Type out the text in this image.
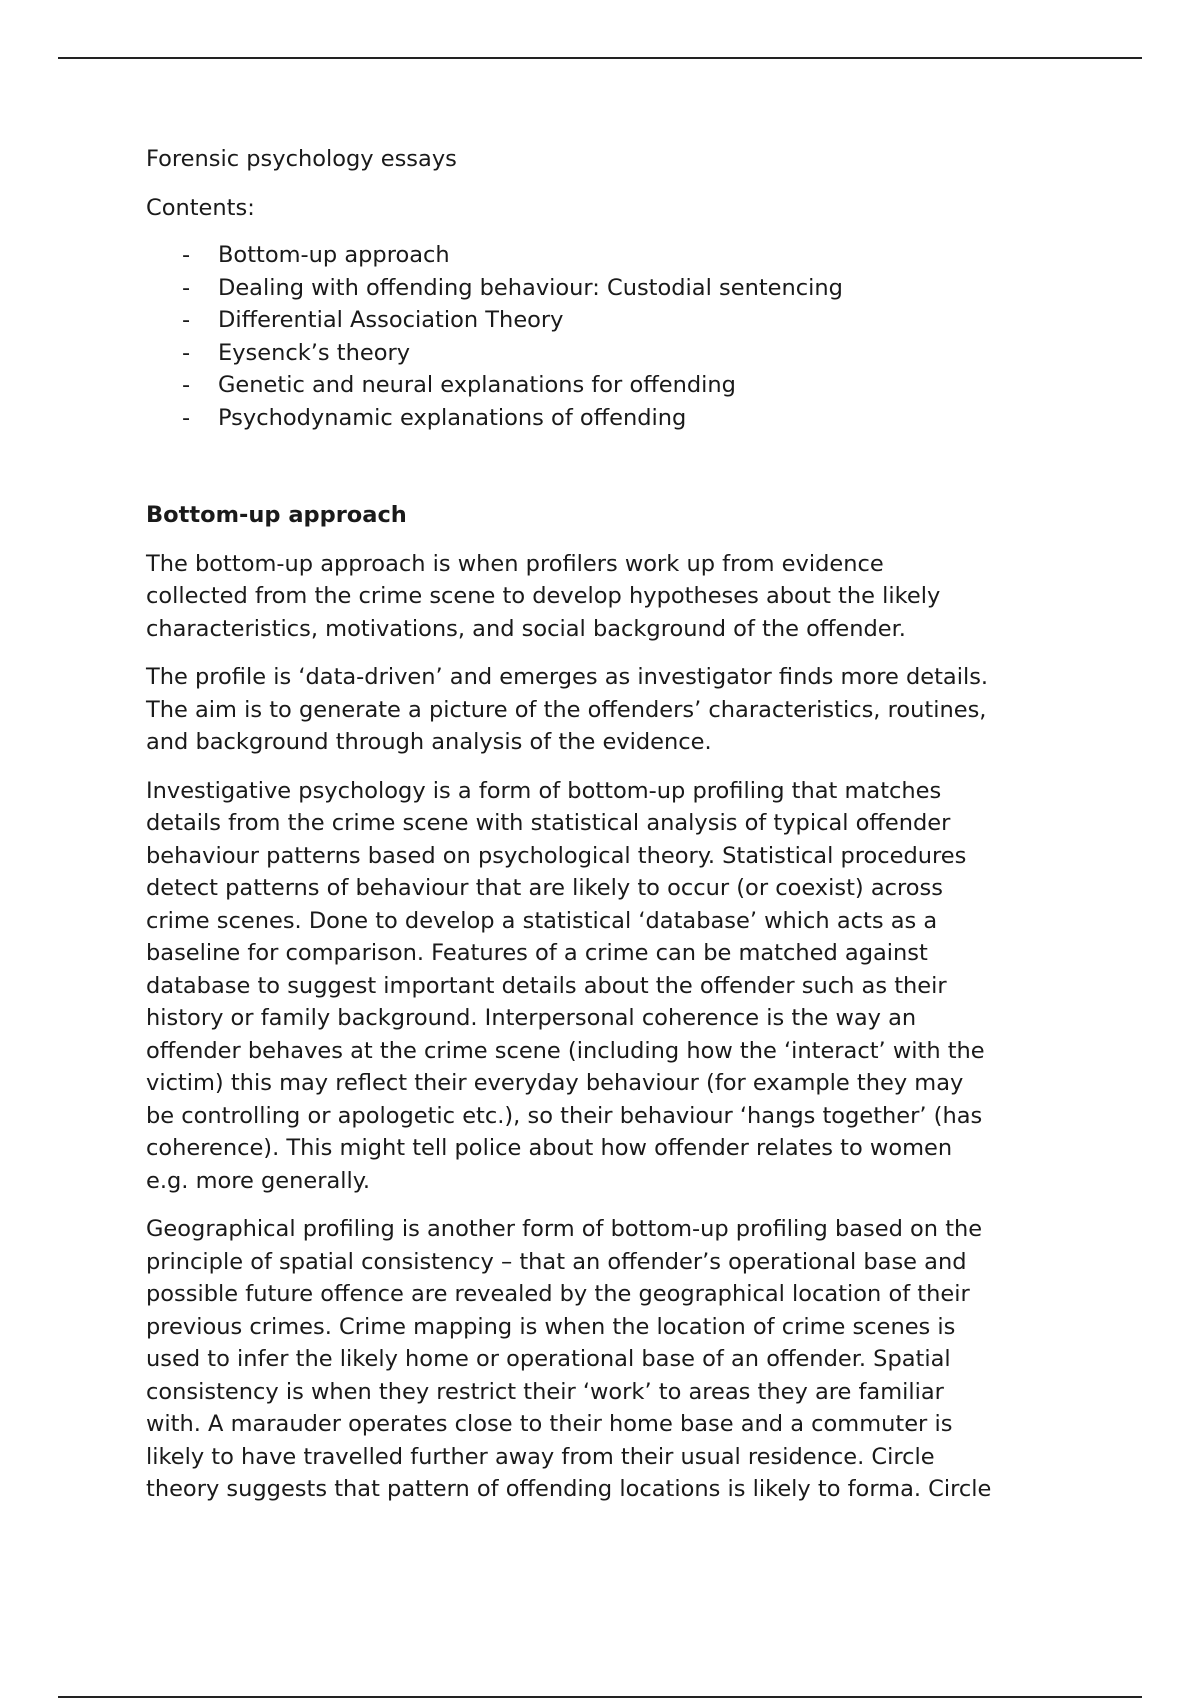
Forensic psychology essays

Contents:

- Bottom-up approach
- Dealing with offending behaviour: Custodial sentencing
- Differential Association Theory
- Eysenck’s theory
- Genetic and neural explanations for offending
- Psychodynamic explanations of offending

Bottom-up approach

The bottom-up approach is when profilers work up from evidence
collected from the crime scene to develop hypotheses about the likely
characteristics, motivations, and social background of the offender.

The profile is ‘data-driven’ and emerges as investigator finds more details.
The aim is to generate a picture of the offenders’ characteristics, routines,
and background through analysis of the evidence.

Investigative psychology is a form of bottom-up profiling that matches
details from the crime scene with statistical analysis of typical offender
behaviour patterns based on psychological theory. Statistical procedures
detect patterns of behaviour that are likely to occur (or coexist) across
crime scenes. Done to develop a statistical ‘database’ which acts as a
baseline for comparison. Features of a crime can be matched against
database to suggest important details about the offender such as their
history or family background. Interpersonal coherence is the way an
offender behaves at the crime scene (including how the ‘interact’ with the
victim) this may reflect their everyday behaviour (for example they may
be controlling or apologetic etc.), so their behaviour ‘hangs together’ (has
coherence). This might tell police about how offender relates to women
e.g. more generally.

Geographical profiling is another form of bottom-up profiling based on the
principle of spatial consistency – that an offender’s operational base and
possible future offence are revealed by the geographical location of their
previous crimes. Crime mapping is when the location of crime scenes is
used to infer the likely home or operational base of an offender. Spatial
consistency is when they restrict their ‘work’ to areas they are familiar
with. A marauder operates close to their home base and a commuter is
likely to have travelled further away from their usual residence. Circle
theory suggests that pattern of offending locations is likely to forma. Circle
